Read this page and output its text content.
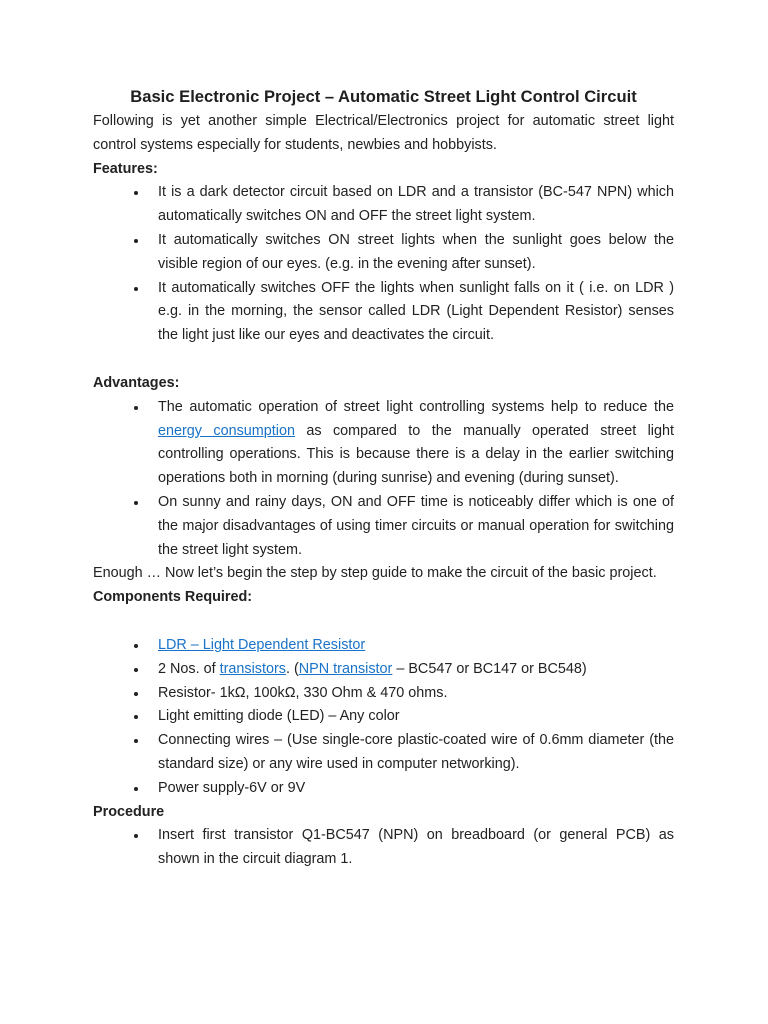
Basic Electronic Project – Automatic Street Light Control Circuit

Following is yet another simple Electrical/Electronics project for automatic street light control systems especially for students, newbies and hobbyists.

Features:
It is a dark detector circuit based on LDR and a transistor (BC-547 NPN) which automatically switches ON and OFF the street light system.
It automatically switches ON street lights when the sunlight goes below the visible region of our eyes. (e.g. in the evening after sunset).
It automatically switches OFF the lights when sunlight falls on it ( i.e. on LDR ) e.g. in the morning, the sensor called LDR (Light Dependent Resistor) senses the light just like our eyes and deactivates the circuit.
Advantages:
The automatic operation of street light controlling systems help to reduce the energy consumption as compared to the manually operated street light controlling operations. This is because there is a delay in the earlier switching operations both in morning (during sunrise) and evening (during sunset).
On sunny and rainy days, ON and OFF time is noticeably differ which is one of the major disadvantages of using timer circuits or manual operation for switching the street light system.

Enough … Now let’s begin the step by step guide to make the circuit of the basic project.

Components Required:
LDR – Light Dependent Resistor
2 Nos. of transistors. (NPN transistor – BC547 or BC147 or BC548)
Resistor- 1kΩ, 100kΩ, 330 Ohm & 470 ohms.
Light emitting diode (LED) – Any color
Connecting wires – (Use single-core plastic-coated wire of 0.6mm diameter (the standard size) or any wire used in computer networking).
Power supply-6V or 9V
Procedure
Insert first transistor Q1-BC547 (NPN) on breadboard (or general PCB) as shown in the circuit diagram 1.
